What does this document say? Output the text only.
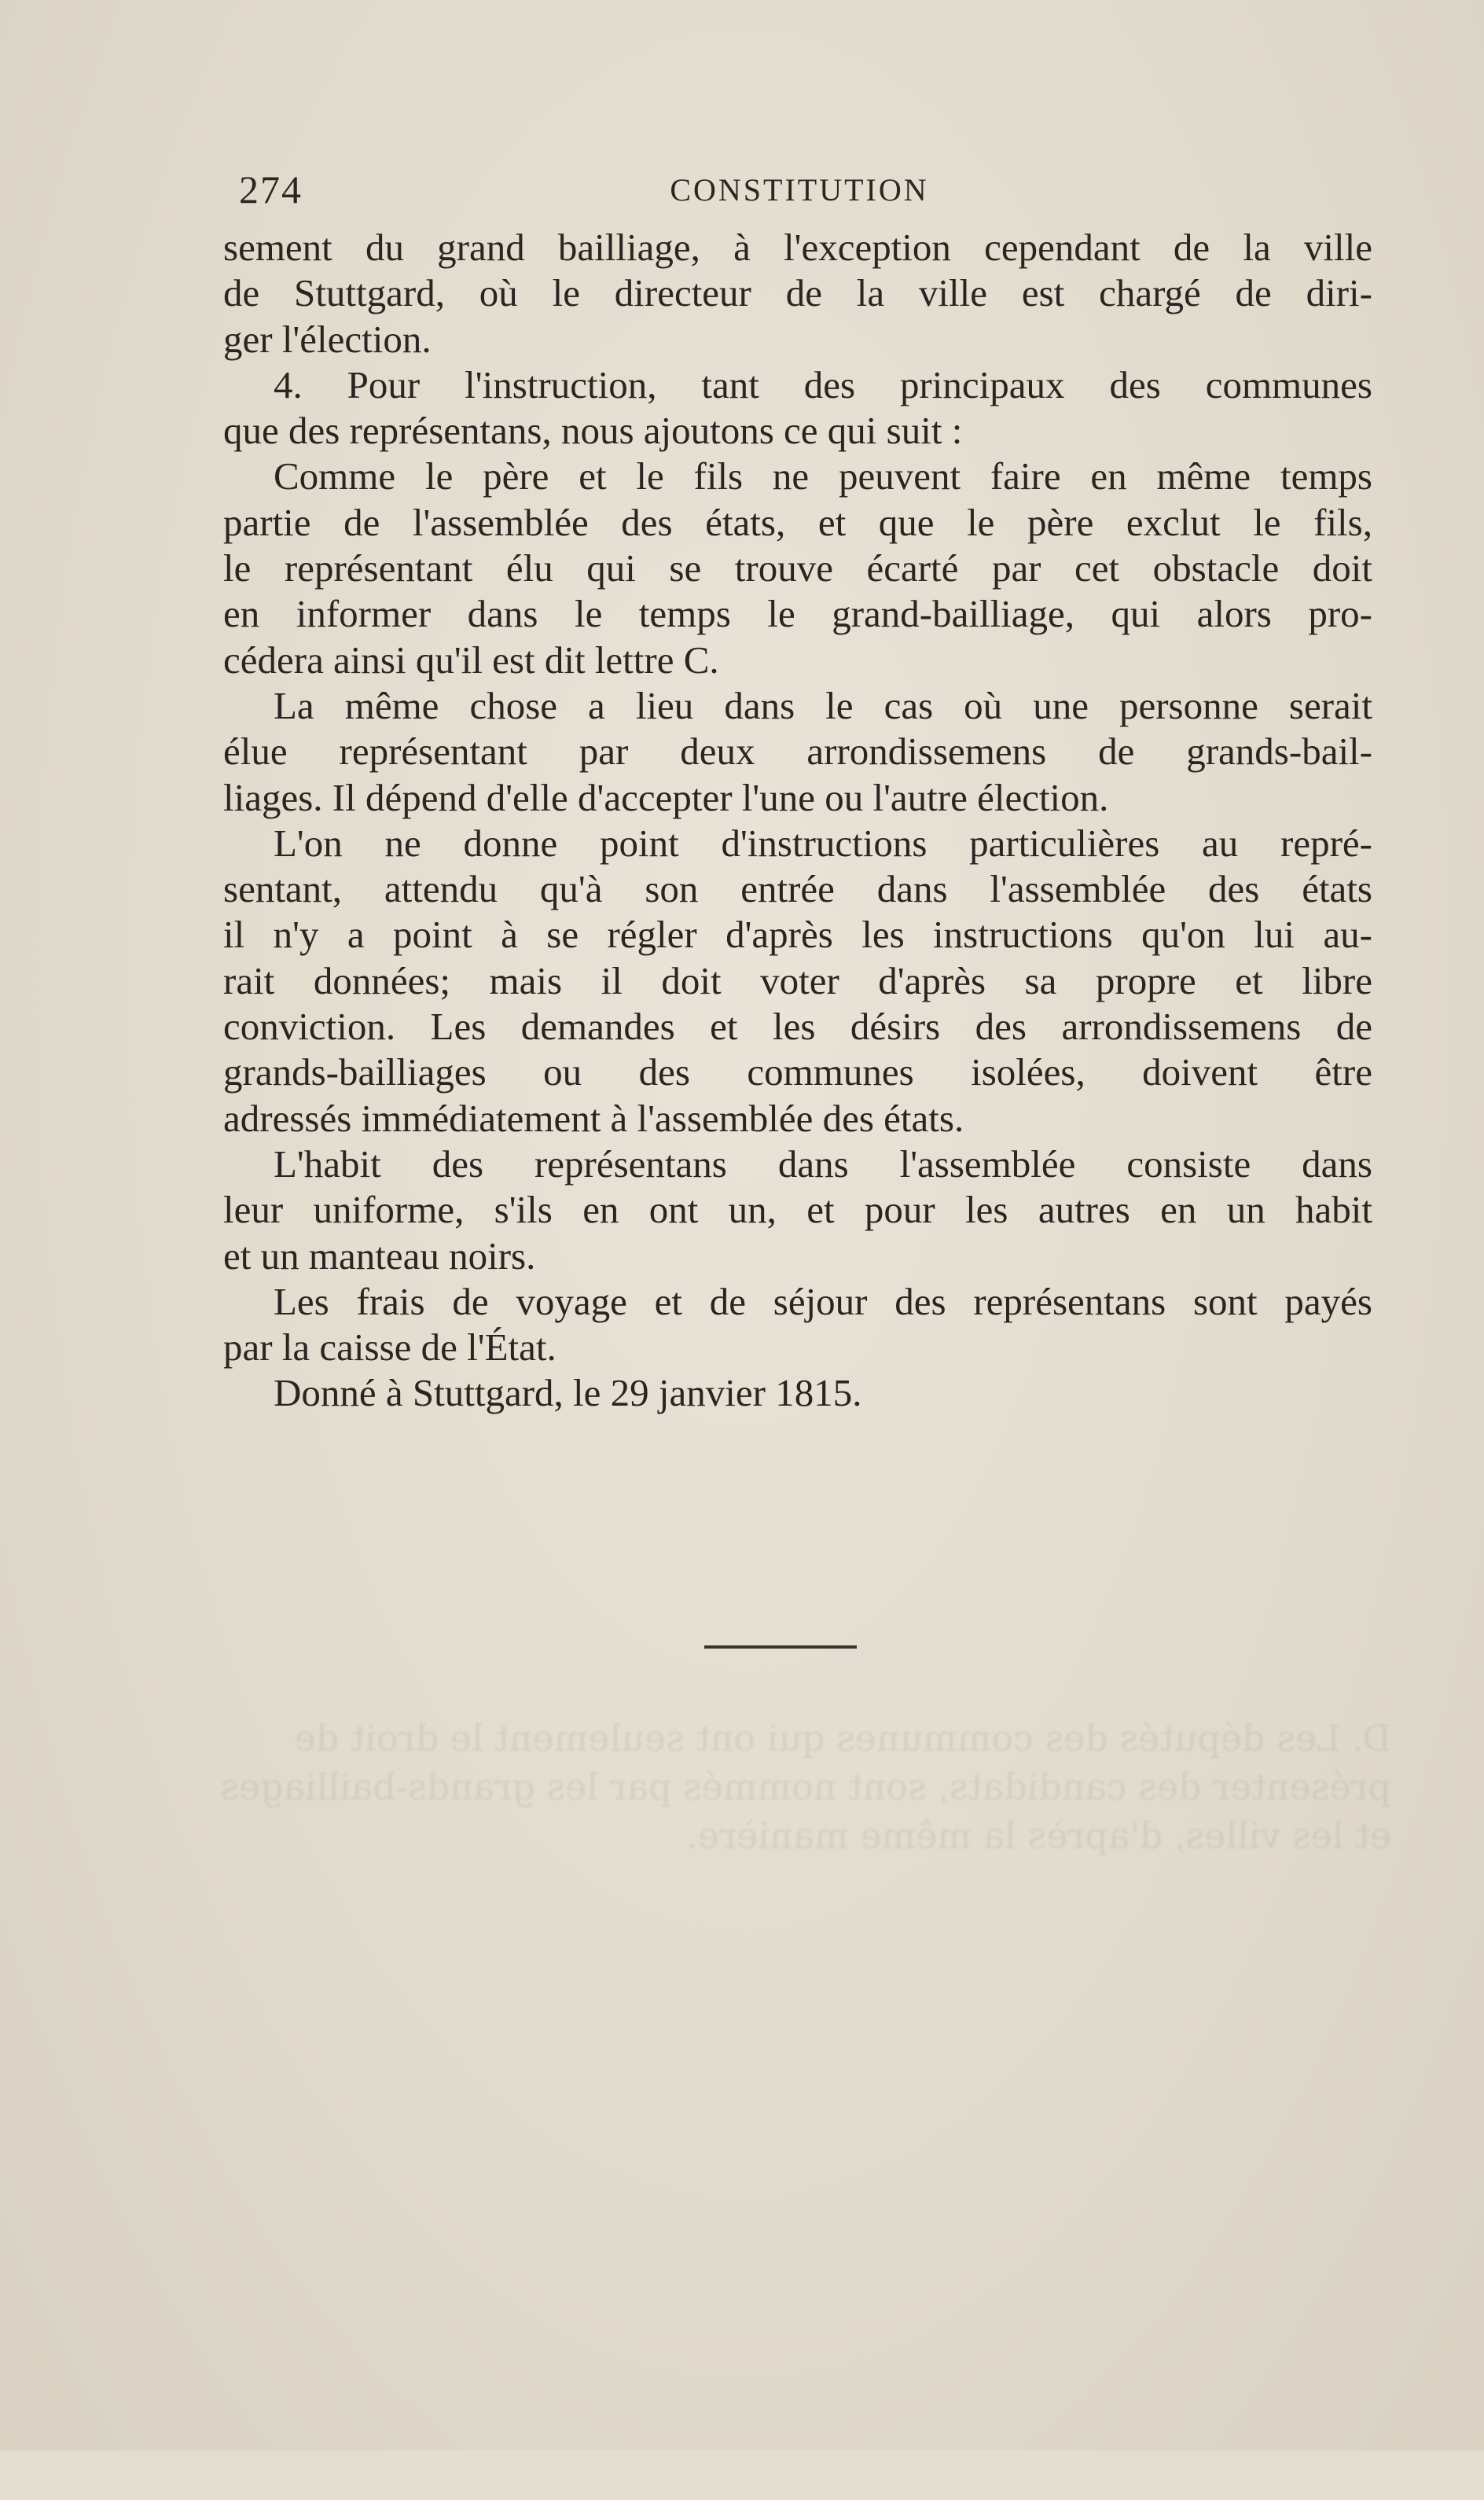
D. Les députés des communes qui ont seulement le droit de
présenter des candidats, sont nommés par les grands-bailliages
et les villes, d'après la même manière.
274	CONSTITUTION
sement du grand bailliage, à l'exception cependant de la ville
de Stuttgard, où le directeur de la ville est chargé de diri-
ger l'élection.
4. Pour l'instruction, tant des principaux des communes
que des représentans, nous ajoutons ce qui suit :
Comme le père et le fils ne peuvent faire en même temps
partie de l'assemblée des états, et que le père exclut le fils,
le représentant élu qui se trouve écarté par cet obstacle doit
en informer dans le temps le grand-bailliage, qui alors pro-
cédera ainsi qu'il est dit lettre C.
La même chose a lieu dans le cas où une personne serait
élue représentant par deux arrondissemens de grands-bail-
liages. Il dépend d'elle d'accepter l'une ou l'autre élection.
L'on ne donne point d'instructions particulières au repré-
sentant, attendu qu'à son entrée dans l'assemblée des états
il n'y a point à se régler d'après les instructions qu'on lui au-
rait données; mais il doit voter d'après sa propre et libre
conviction. Les demandes et les désirs des arrondissemens de
grands-bailliages ou des communes isolées, doivent être
adressés immédiatement à l'assemblée des états.
L'habit des représentans dans l'assemblée consiste dans
leur uniforme, s'ils en ont un, et pour les autres en un habit
et un manteau noirs.
Les frais de voyage et de séjour des représentans sont payés
par la caisse de l'État.
Donné à Stuttgard, le 29 janvier 1815.
